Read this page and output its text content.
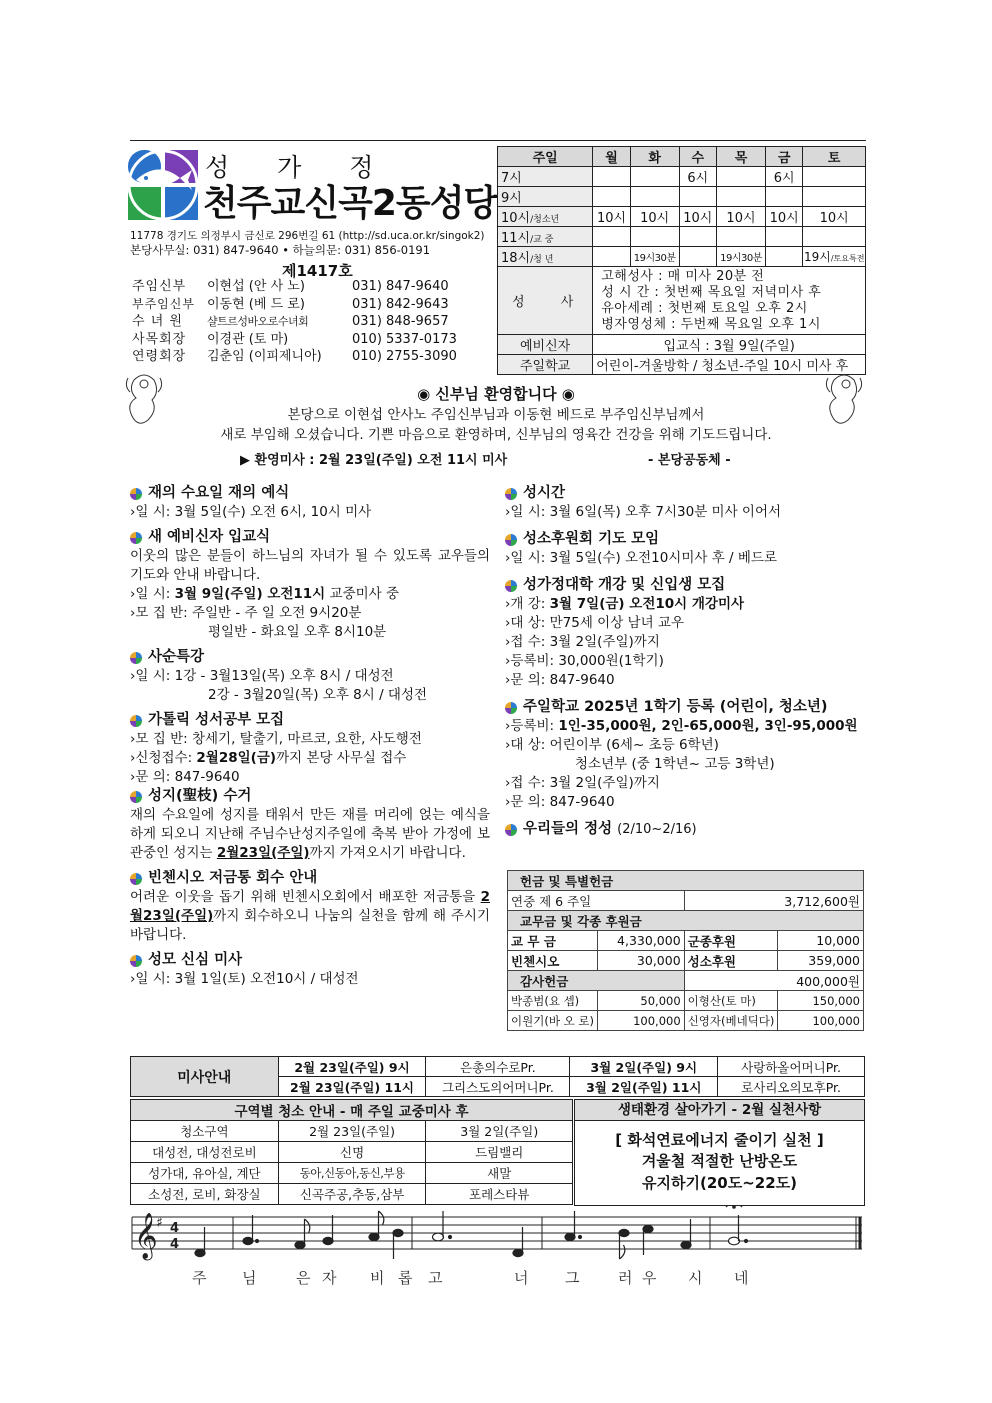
성 가 정
천주교신곡2동성당
11778 경기도 의정부시 금신로 296번길 61 (http://sd.uca.or.kr/singok2)
본당사무실: 031) 847-9640 • 하늘의문: 031) 856-0191
제1417호
주임신부	이현섭 (안 사 노)	031) 847-9640
부주임신부 이동현 (베 드 로)	031) 842-9643
수 녀 원	샬트르성바오로수녀회	031) 848-9657
사목회장	이경관 (토 마)	010) 5337-0173
연령회장	김춘임 (이피제니아)	010) 2755-3090
주일	월	화	수	목	금	토
7시			6시		6시	
9시						
10시/청소년	10시	10시	10시	10시	10시	10시
11시/교 중						
18시/청 년		19시30분		19시30분		19시/토요특전
성 사	고해성사 : 매 미사 20분 전
성 시 간 : 첫번째 목요일 저녁미사 후
유아세례 : 첫번째 토요일 오후 2시
병자영성체 : 두번째 목요일 오후 1시					

예비신자	입교식 : 3월 9일(주일)					
주일학교	어린이-겨울방학 / 청소년-주일 10시 미사 후					
◉ 신부님 환영합니다 ◉
본당으로 이현섭 안사노 주임신부님과 이동현 베드로 부주임신부님께서
새로 부임해 오셨습니다. 기쁜 마음으로 환영하며, 신부님의 영육간 건강을 위해 기도드립니다.
▶ 환영미사 : 2월 23일(주일) 오전 11시 미사	- 본당공동체 -
재의 수요일 재의 예식

›일 시: 3월 5일(수) 오전 6시, 10시 미사

새 예비신자 입교식

이웃의 많은 분들이 하느님의 자녀가 될 수 있도록 교우들의 기도와 안내 바랍니다.

›일 시: 3월 9일(주일) 오전11시 교중미사 중

›모 집 반: 주일반 - 주 일 오전 9시20분

평일반 - 화요일 오후 8시10분

사순특강

›일 시: 1강 - 3월13일(목) 오후 8시 / 대성전

2강 - 3월20일(목) 오후 8시 / 대성전

가톨릭 성서공부 모집

›모 집 반: 창세기, 탈출기, 마르코, 요한, 사도행전

›신청접수: 2월28일(금)까지 본당 사무실 접수

›문 의: 847-9640

성지(聖枝) 수거

재의 수요일에 성지를 태워서 만든 재를 머리에 얹는 예식을 하게 되오니 지난해 주님수난성지주일에 축복 받아 가정에 보관중인 성지는 2월23일(주일)까지 가져오시기 바랍니다.

빈첸시오 저금통 회수 안내

어려운 이웃을 돕기 위해 빈첸시오회에서 배포한 저금통을 2월23일(주일)까지 회수하오니 나눔의 실천을 함께 해 주시기 바랍니다.

성모 신심 미사

›일 시: 3월 1일(토) 오전10시 / 대성전

성시간

›일 시: 3월 6일(목) 오후 7시30분 미사 이어서

성소후원회 기도 모임

›일 시: 3월 5일(수) 오전10시미사 후 / 베드로

성가정대학 개강 및 신입생 모집

›개 강: 3월 7일(금) 오전10시 개강미사

›대 상: 만75세 이상 남녀 교우

›접 수: 3월 2일(주일)까지

›등록비: 30,000원(1학기)

›문 의: 847-9640

주일학교 2025년 1학기 등록 (어린이, 청소년)

›등록비: 1인-35,000원, 2인-65,000원, 3인-95,000원

›대 상: 어린이부 (6세~ 초등 6학년)

청소년부 (중 1학년~ 고등 3학년)

›접 수: 3월 2일(주일)까지

›문 의: 847-9640

우리들의 정성
(2/10~2/16)
헌금 및 특별헌금			
연중 제 6 주일		3,712,600원	
교무금 및 각종 후원금			
교 무 금	4,330,000	군종후원	10,000
빈첸시오	30,000	성소후원	359,000
감사헌금		400,000원	
박종범(요 셉)	50,000	이형산(토 마)	150,000
이원기(바 오 로)	100,000	신영자(베네딕다)	100,000
미사안내	2월 23일(주일) 9시	은총의수로Pr.	3월 2일(주일) 9시	사랑하올어머니Pr.
	2월 23일(주일) 11시	그리스도의어머니Pr.	3월 2일(주일) 11시	로사리오의모후Pr.
구역별 청소 안내 - 매 주일 교중미사 후		
청소구역	2월 23일(주일)	3월 2일(주일)
대성전, 대성전로비	신명	드림밸리
성가대, 유아실, 계단	동아,신동아,동신,부용	새말
소성전, 로비, 화장실	신곡주공,추동,삼부	포레스타뷰
생태환경 살아가기 - 2월 실천사항
[ 화석연료에너지 줄이기 실천 ]
겨울철 적절한 난방온도
유지하기(20도~22도)
𝄞
♯ 4
4
주 님	은 자 비 롭 고	너 그	러 우 시 네
